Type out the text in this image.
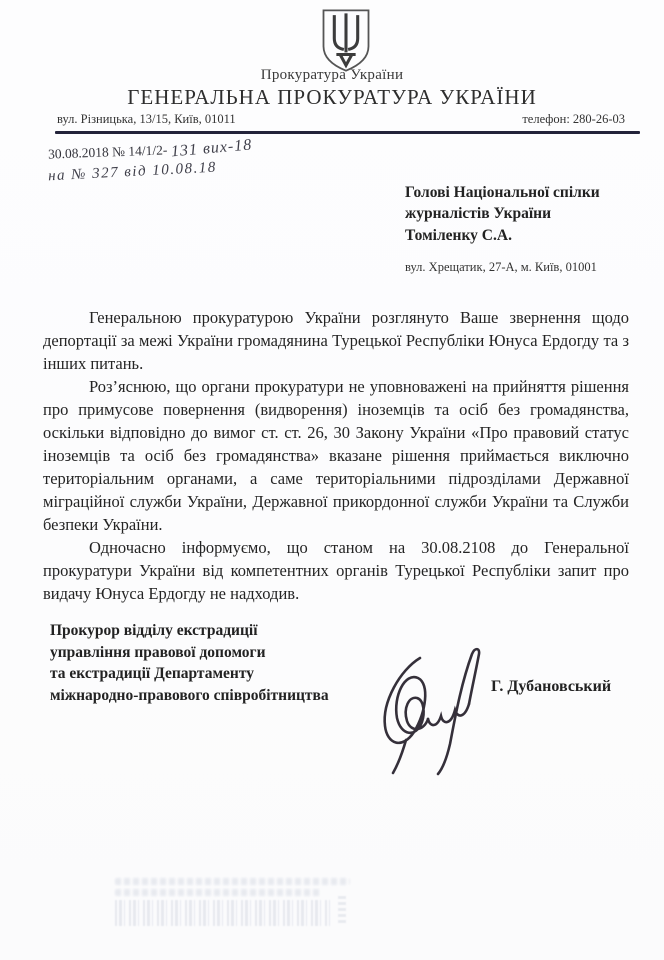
Прокуратура України
ГЕНЕРАЛЬНА ПРОКУРАТУРА УКРАЇНИ
вул. Різницька, 13/15, Київ, 01011	телефон: 280-26-03
30.08.2018 № 14/1/2- 131 вих-18
на № 327 від 10.08.18
Голові Національної спілки
журналістів України
Томіленку С.А.
вул. Хрещатик, 27-А, м. Київ, 01001

Генеральною прокуратурою України розглянуто Ваше звернення щодо депортації за межі України громадянина Турецької Республіки Юнуса Ердогду та з інших питань.

Роз’яснюю, що органи прокуратури не уповноважені на прийняття рішення про примусове повернення (видворення) іноземців та осіб без громадянства, оскільки відповідно до вимог ст. ст. 26, 30 Закону України «Про правовий статус іноземців та осіб без громадянства» вказане рішення приймається виключно територіальним органами, а саме територіальними підрозділами Державної міграційної служби України, Державної прикордонної служби України та Служби безпеки України.

Одночасно інформуємо, що станом на 30.08.2108 до Генеральної прокуратури України від компетентних органів Турецької Республіки запит про видачу Юнуса Ердогду не надходив.

Прокурор відділу екстрадиції
управління правової допомоги
та екстрадиції Департаменту
міжнародно-правового співробітництва	Г. Дубановський
